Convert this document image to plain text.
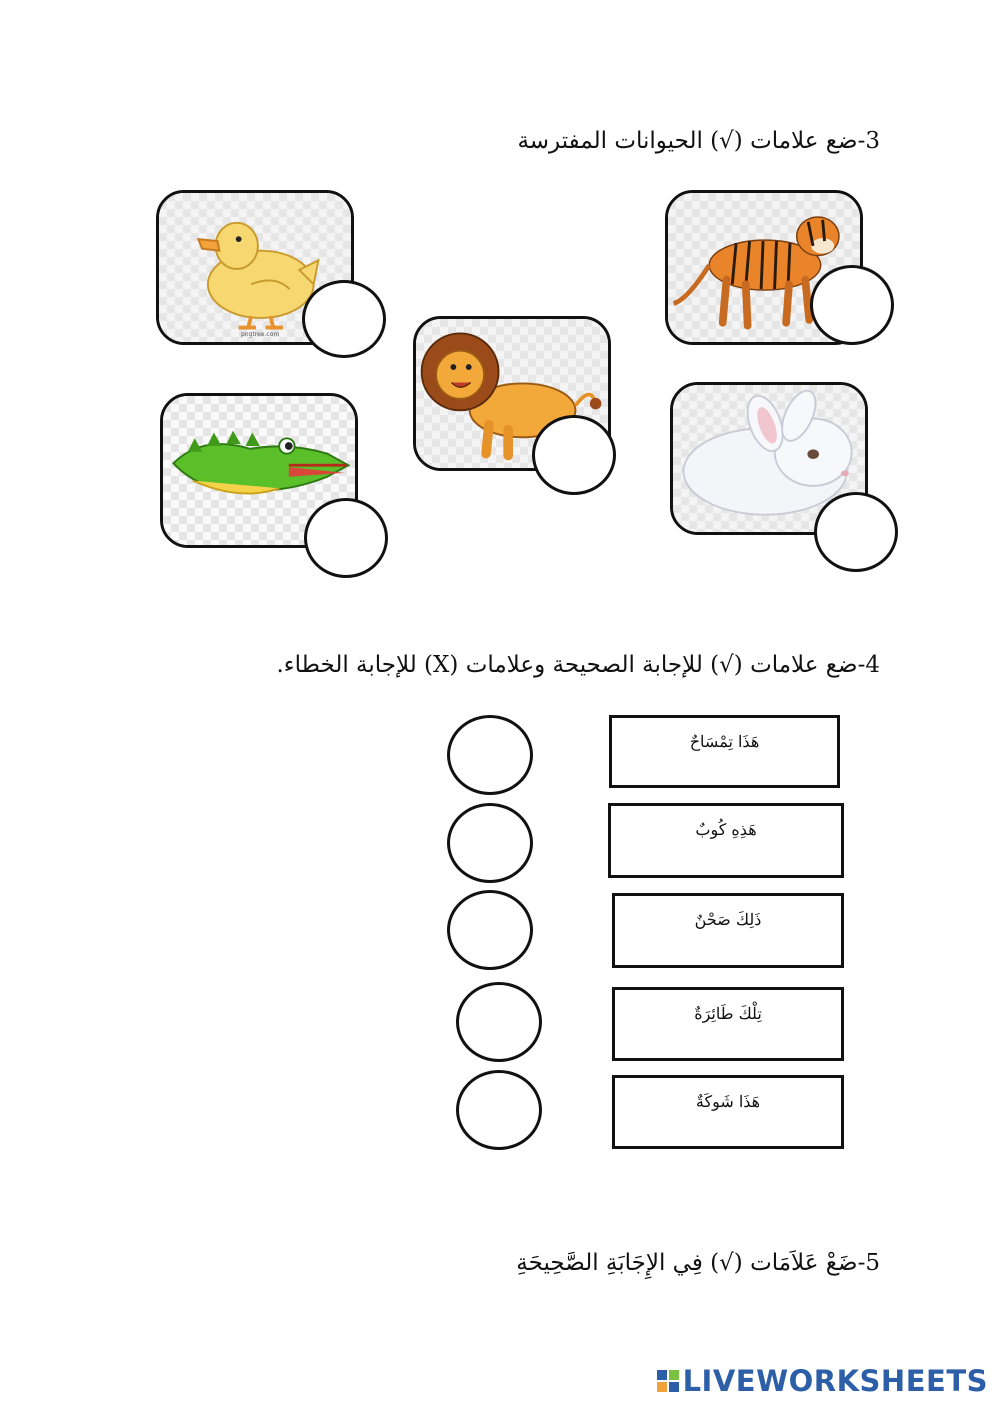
3-ضع علامات (√) الحيوانات المفترسة
pngtree.com
4-ضع علامات (√) للإجابة الصحيحة وعلامات (X) للإجابة الخطاء.
هَذَا تِمْسَاحٌ
هَذِهِ كُوبٌ
ذَلِكَ صَحْنٌ
تِلْكَ طَائِرَةٌ
هَذَا شَوكَةٌ
5-ضَعْ عَلاَمَات (√) فِي الإِجَابَةِ الصَّحِيحَةِ
LIVEWORKSHEETS
